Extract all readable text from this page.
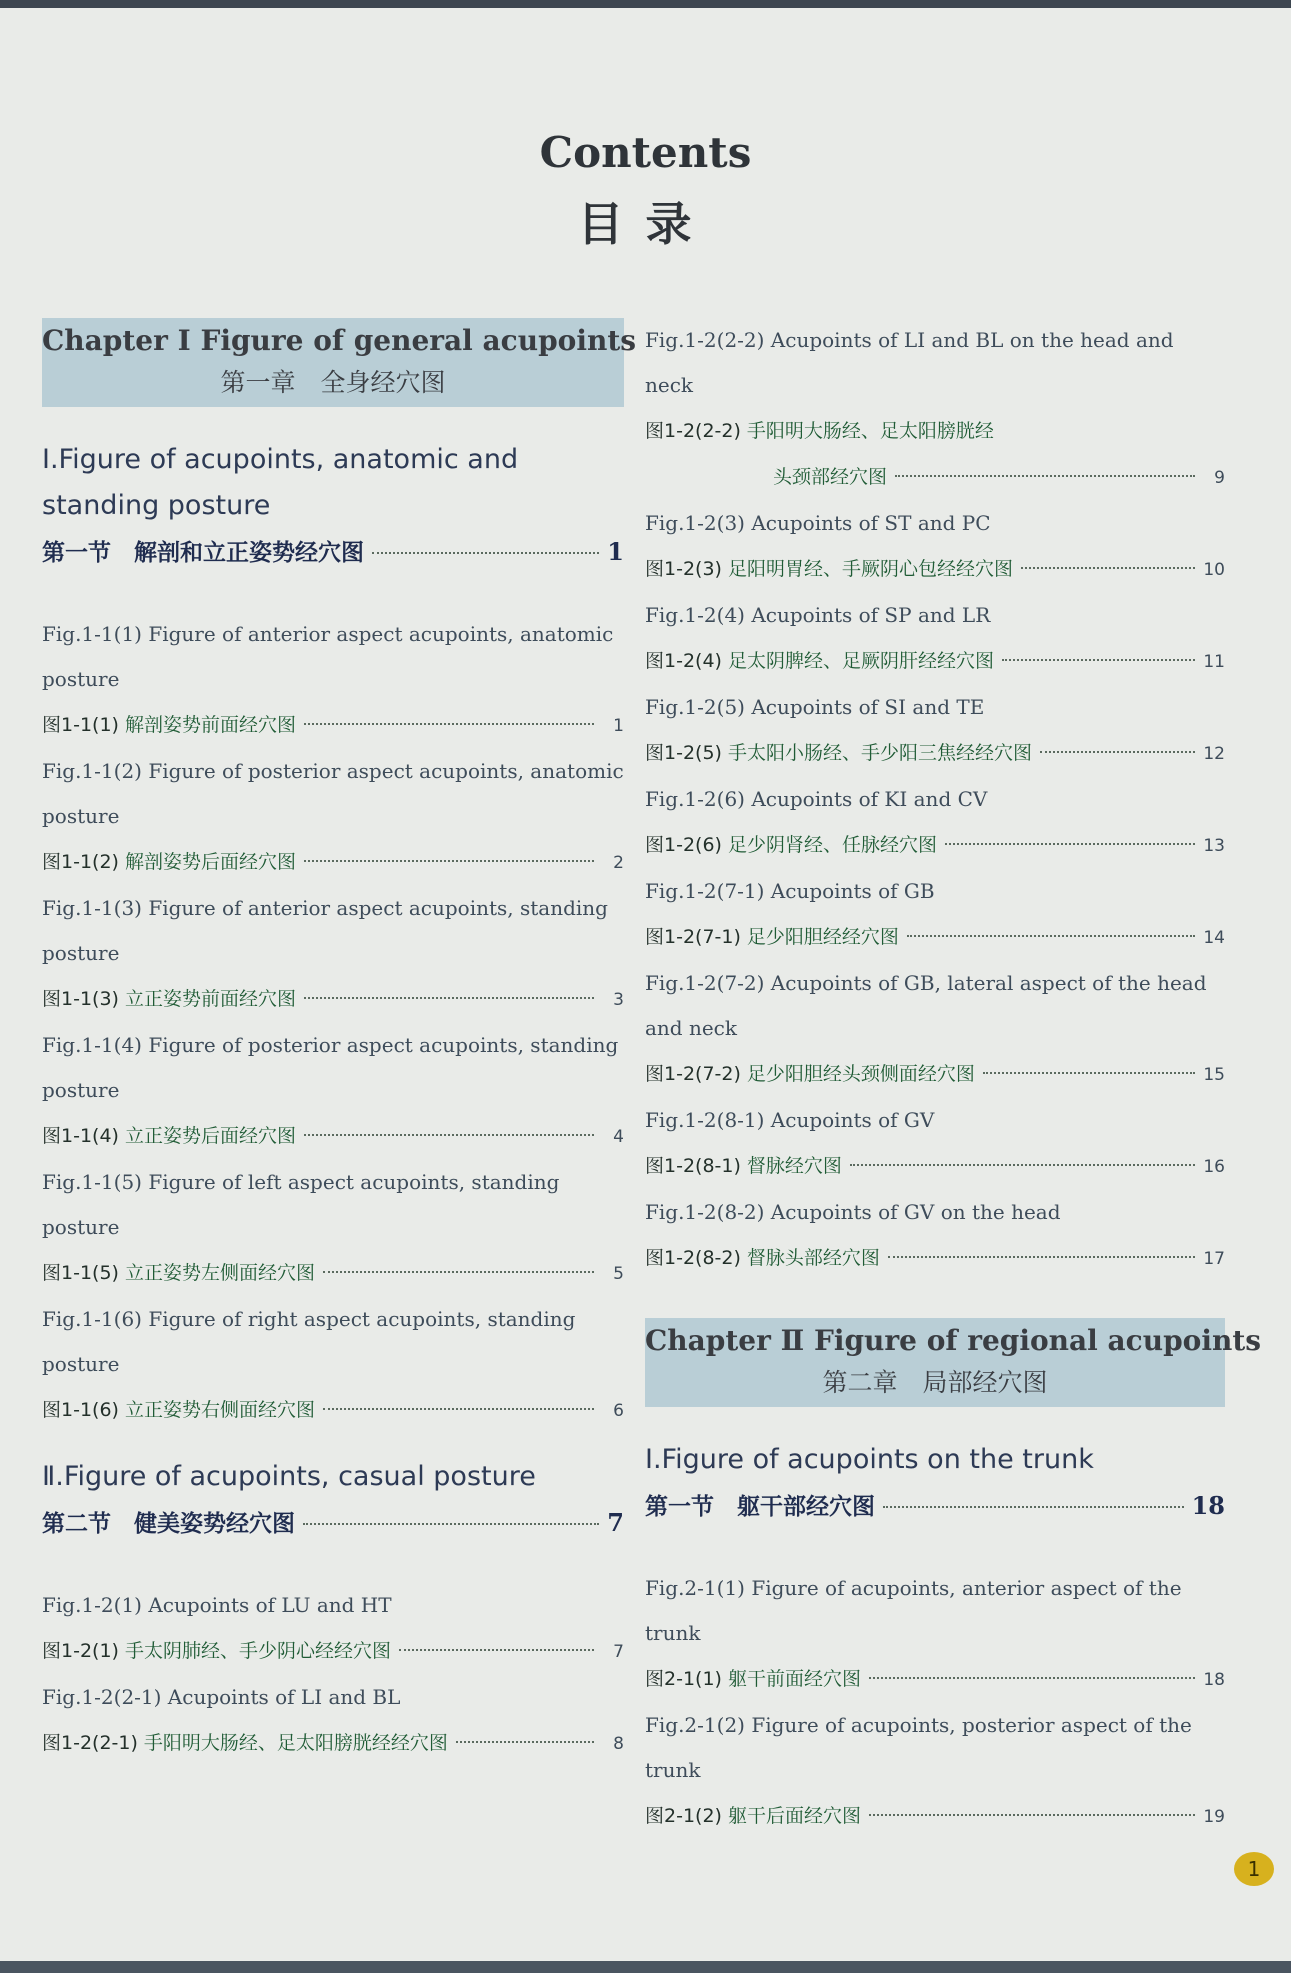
Contents
目录
Chapter Ⅰ Figure of general acupoints
第一章　全身经穴图
Ⅰ.Figure of acupoints, anatomic and standing posture
第一节　解剖和立正姿势经穴图	1
Fig.1-1(1) Figure of anterior aspect acupoints, anatomic posture
图1-1(1) 解剖姿势前面经穴图	1
Fig.1-1(2) Figure of posterior aspect acupoints, anatomic posture
图1-1(2) 解剖姿势后面经穴图	2
Fig.1-1(3) Figure of anterior aspect acupoints, standing posture
图1-1(3) 立正姿势前面经穴图	3
Fig.1-1(4) Figure of posterior aspect acupoints, standing posture
图1-1(4) 立正姿势后面经穴图	4
Fig.1-1(5) Figure of left aspect acupoints, standing posture
图1-1(5) 立正姿势左侧面经穴图	5
Fig.1-1(6) Figure of right aspect acupoints, standing posture
图1-1(6) 立正姿势右侧面经穴图	6
Ⅱ.Figure of acupoints, casual posture
第二节　健美姿势经穴图	7
Fig.1-2(1) Acupoints of LU and HT
图1-2(1) 手太阴肺经、手少阴心经经穴图	7
Fig.1-2(2-1) Acupoints of LI and BL
图1-2(2-1) 手阳明大肠经、足太阳膀胱经经穴图	8
Fig.1-2(2-2) Acupoints of LI and BL on the head and neck
图1-2(2-2) 手阳明大肠经、足太阳膀胱经
头颈部经穴图	9
Fig.1-2(3) Acupoints of ST and PC
图1-2(3) 足阳明胃经、手厥阴心包经经穴图	10
Fig.1-2(4) Acupoints of SP and LR
图1-2(4) 足太阴脾经、足厥阴肝经经穴图	11
Fig.1-2(5) Acupoints of SI and TE
图1-2(5) 手太阳小肠经、手少阳三焦经经穴图	12
Fig.1-2(6) Acupoints of KI and CV
图1-2(6) 足少阴肾经、任脉经穴图	13
Fig.1-2(7-1) Acupoints of GB
图1-2(7-1) 足少阳胆经经穴图	14
Fig.1-2(7-2) Acupoints of GB, lateral aspect of the head and neck
图1-2(7-2) 足少阳胆经头颈侧面经穴图	15
Fig.1-2(8-1) Acupoints of GV
图1-2(8-1) 督脉经穴图	16
Fig.1-2(8-2) Acupoints of GV on the head
图1-2(8-2) 督脉头部经穴图	17
Chapter Ⅱ Figure of regional acupoints
第二章　局部经穴图
Ⅰ.Figure of acupoints on the trunk
第一节　躯干部经穴图	18
Fig.2-1(1) Figure of acupoints, anterior aspect of the trunk
图2-1(1) 躯干前面经穴图	18
Fig.2-1(2) Figure of acupoints, posterior aspect of the trunk
图2-1(2) 躯干后面经穴图	19
1
